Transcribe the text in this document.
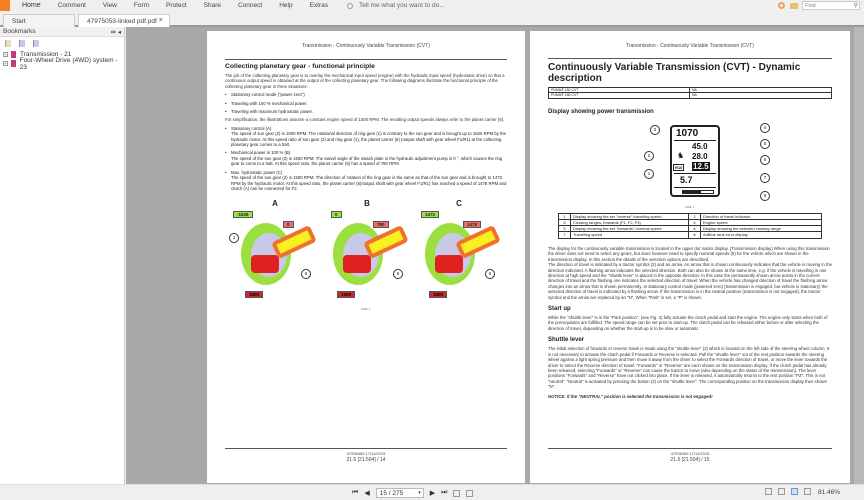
Home	Comment	View	Form	Protect	Share	Connect	Help	Extras	Tell me what you want to do...	Find	⚲
Start	47975053-linked pdf.pdf ×
Bookmarks	⇹ ◂
+ Transmission - 21
+ Four-Wheel Drive (4WD) system - 23
Transmission - Continuously Variable Transmission (CVT)
Collecting planetary gear - functional principle
The job of the collecting planetary gear is to overlay the mechanical input speed (engine) with the hydraulic input speed (hydrostatic drive) so that a continuous output speed is obtained at the output of the collecting planetary gear. The following diagrams illustrate the functional principle of the collecting planetary gear in three situations:
• Stationary control mode ("power zero")
• Traveling with 100 % mechanical power.
• Traveling with maximum hydrostatic power.
For simplification, the illustrations assume a constant engine speed of 1500 RPM. The resulting output speeds always refer to the planet carrier (6).
• Stationary control (A)
The speed of sun gear (2) is 1500 RPM. The rotational direction of ring gear (1) is contrary to the sun gear and is brought up to 1626 RPM by the hydraulic motor. At this speed ratio of sun gear (2) and ring gear (1), the planet carrier (6) (output shaft with gear wheel F1/R1) at the collecting planetary gear comes to a halt.
• Mechanical power is 100 % (B)
The speed of the sun gear (2) is 1500 RPM. The swivel angle of the swash plate in the hydraulic adjustment pump is 0 °, which causes the ring gear to come to a halt. At this speed ratio, the planet carrier (6) has a speed of 780 RPM.
• Max. hydrostatic power (C)
The speed of the sun gear (2) is 1500 RPM. The direction of rotation of the ring gear is the same as that of the sun gear and is brought to 1472 RPM by the hydraulic motor. At this speed ratio, the planet carrier (6)/output shaft with gear wheel F1/R1) has reached a speed of 1478 RPM and clutch (A) can be connected for F2.
A
-1626
0
1500
2
6
B
0
780
1500
6
C
1472
1478
1500
6
RAIL 1
47936459 17/11/2015
21.6 [21.504] / 14
Transmission - Continuously Variable Transmission (CVT)
Continuously Variable Transmission (CVT) - Dynamic description
PUMA® 150 CVT	NA
PUMA® 165 CVT	NA
Display showing power transmission
1070
45.0
28.0
12.5
R10
♞
5.7
1
2
3	4
5
6
7
8
RAIL 1
1	Display showing the set "reverse" travelling speed	2	Direction of travel indicator
3	Cruising ranges, forwards (F1, F2, F3)	4	Engine speed
5	Display showing the set "forwards" nominal speed	6	Display showing the selected cruising range
7	Travelling speed	8	AdBlue tank error display
The display for the continuously variable transmission is located in the upper dot matrix display. (Transmission display) When using this transmission the driver does not need to select any gears, but does however need to specify nominal speeds (5) for the vehicle which are shown in the transmission display. In this section the details of the selection options are described.
The direction of travel is indicated by a tractor symbol (2) and an arrow. An arrow that is shown continuously indicates that the vehicle is moving in the direction indicated. A flashing arrow indicates the selected direction. Both can also be shown at the same time, e.g. if the vehicle is travelling in one direction at high speed and the "shuttle lever" is placed in the opposite direction. In this case the permanently shown arrow points in the current direction of travel and the flashing one indicates the selected direction of travel. When the vehicle has changed direction of travel the flashing arrow changes into an arrow that is shown permanently. In stationary control mode (powered zero) (transmission is engaged, but vehicle is stationary) the selected direction of travel is indicated by a flashing arrow. If the transmission is in the neutral position (transmission is not engaged), the tractor symbol and the arrow are replaced by an "N". When "Park" is set, a "P" is shown.
Start up
While the "shuttle lever" is in the "Park position", (see Fig. 2) fully actuate the clutch pedal and start the engine. The engine only starts when both of the prerequisites are fulfilled. The speed range can be set prior to start-up. The clutch pedal can be released either before or after selecting the direction of travel, depending on whether the start-up is to be slow or automatic.
Shuttle lever
The initial selection of forwards or reverse travel is made using the "shuttle lever" (2) which is located on the left side of the steering wheel column. It is not necessary to actuate the clutch pedal if Forwards or Reverse is selected. Pull the "shuttle lever" out of the rest position towards the steering wheel against a light spring pressure and then move it away from the driver to select the Forwards direction of travel, or move the lever towards the driver to select the Reverse direction of travel. "Forwards" or "Reverse" are each shown on the transmission display. If the clutch pedal has already been released, selecting "Forwards" or "Reverse" can cause the tractor to move (also depending on the status of the transmission). The lever positions "Forwards" and "Reverse" have not clicked into place. If the lever is released, it automatically returns to the rest position "PZ". This is not "neutral". "Neutral" is activated by pressing the button (2) on the "shuttle lever". The corresponding position on the transmission display then shows "N".
NOTICE: If the "NEUTRAL" position is selected the transmission is not engaged!
47936459 17/11/2015
21.6 [21.504] / 15
⏮ ◀	15 / 275	▾ ▶ ⏭	81.46%
